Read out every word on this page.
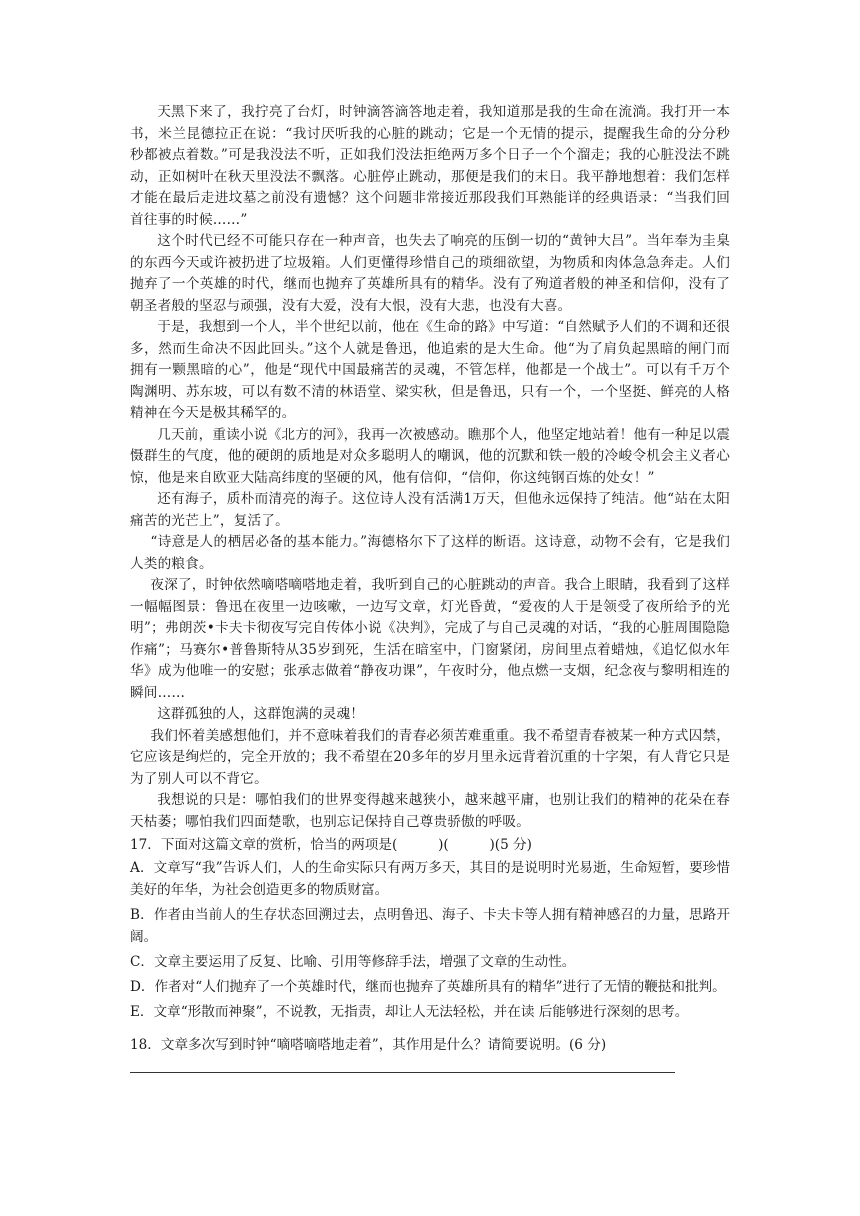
天黑下来了，我拧亮了台灯，时钟滴答滴答地走着，我知道那是我的生命在流淌。我打开一本书，米兰昆德拉正在说：“我讨厌听我的心脏的跳动；它是一个无情的提示，提醒我生命的分分秒秒都被点着数。”可是我没法不听，正如我们没法拒绝两万多个日子一个个溜走；我的心脏没法不跳动，正如树叶在秋天里没法不飘落。心脏停止跳动，那便是我们的末日。我平静地想着：我们怎样才能在最后走进坟墓之前没有遗憾？这个问题非常接近那段我们耳熟能详的经典语录：“当我们回首往事的时候……”

这个时代已经不可能只存在一种声音，也失去了响亮的压倒一切的“黄钟大吕”。当年奉为圭臬的东西今天或许被扔进了垃圾箱。人们更懂得珍惜自己的琐细欲望，为物质和肉体急急奔走。人们抛弃了一个英雄的时代，继而也抛弃了英雄所具有的精华。没有了殉道者般的神圣和信仰，没有了朝圣者般的坚忍与顽强，没有大爱，没有大恨，没有大悲，也没有大喜。

于是，我想到一个人，半个世纪以前，他在《生命的路》中写道：“自然赋予人们的不调和还很多，然而生命决不因此回头。”这个人就是鲁迅，他追索的是大生命。他“为了肩负起黑暗的闸门而拥有一颗黑暗的心”，他是“现代中国最痛苦的灵魂，不管怎样，他都是一个战士”。可以有千万个陶渊明、苏东坡，可以有数不清的林语堂、梁实秋，但是鲁迅，只有一个，一个坚挺、鲜亮的人格精神在今天是极其稀罕的。

几天前，重读小说《北方的河》，我再一次被感动。瞧那个人，他坚定地站着！他有一种足以震慑群生的气度，他的硬朗的质地是对众多聪明人的嘲讽，他的沉默和铁一般的冷峻令机会主义者心惊，他是来自欧亚大陆高纬度的坚硬的风，他有信仰，“信仰，你这纯钢百炼的处女！”

还有海子，质朴而清亮的海子。这位诗人没有活满1万天，但他永远保持了纯洁。他“站在太阳痛苦的光芒上”，复活了。

“诗意是人的栖居必备的基本能力。”海德格尔下了这样的断语。这诗意，动物不会有，它是我们人类的粮食。

夜深了，时钟依然嘀嗒嘀嗒地走着，我听到自己的心脏跳动的声音。我合上眼睛，我看到了这样一幅幅图景：鲁迅在夜里一边咳嗽，一边写文章，灯光昏黄，“爱夜的人于是领受了夜所给予的光明”；弗朗茨•卡夫卡彻夜写完自传体小说《决判》，完成了与自己灵魂的对话，“我的心脏周围隐隐作痛”；马赛尔•普鲁斯特从35岁到死，生活在暗室中，门窗紧闭，房间里点着蜡烛，《追忆似水年华》成为他唯一的安慰；张承志做着“静夜功课”，午夜时分，他点燃一支烟，纪念夜与黎明相连的瞬间……

这群孤独的人，这群饱满的灵魂！

我们怀着美感想他们，并不意味着我们的青春必须苦难重重。我不希望青春被某一种方式囚禁，它应该是绚烂的，完全开放的；我不希望在20多年的岁月里永远背着沉重的十字架，有人背它只是为了别人可以不背它。

我想说的只是：哪怕我们的世界变得越来越狭小，越来越平庸，也别让我们的精神的花朵在春天枯萎；哪怕我们四面楚歌，也别忘记保持自己尊贵骄傲的呼吸。

17．下面对这篇文章的赏析，恰当的两项是(　　　)(　　　)(5 分)

A．文章写“我”告诉人们，人的生命实际只有两万多天，其目的是说明时光易逝，生命短暂，要珍惜美好的年华，为社会创造更多的物质财富。

B．作者由当前人的生存状态回溯过去，点明鲁迅、海子、卡夫卡等人拥有精神感召的力量，思路开阔。

C．文章主要运用了反复、比喻、引用等修辞手法，增强了文章的生动性。

D．作者对“人们抛弃了一个英雄时代，继而也抛弃了英雄所具有的精华”进行了无情的鞭挞和批判。

E．文章“形散而神聚”，不说教，无指责，却让人无法轻松，并在读 后能够进行深刻的思考。

18．文章多次写到时钟“嘀嗒嘀嗒地走着”，其作用是什么？请简要说明。(6 分)
